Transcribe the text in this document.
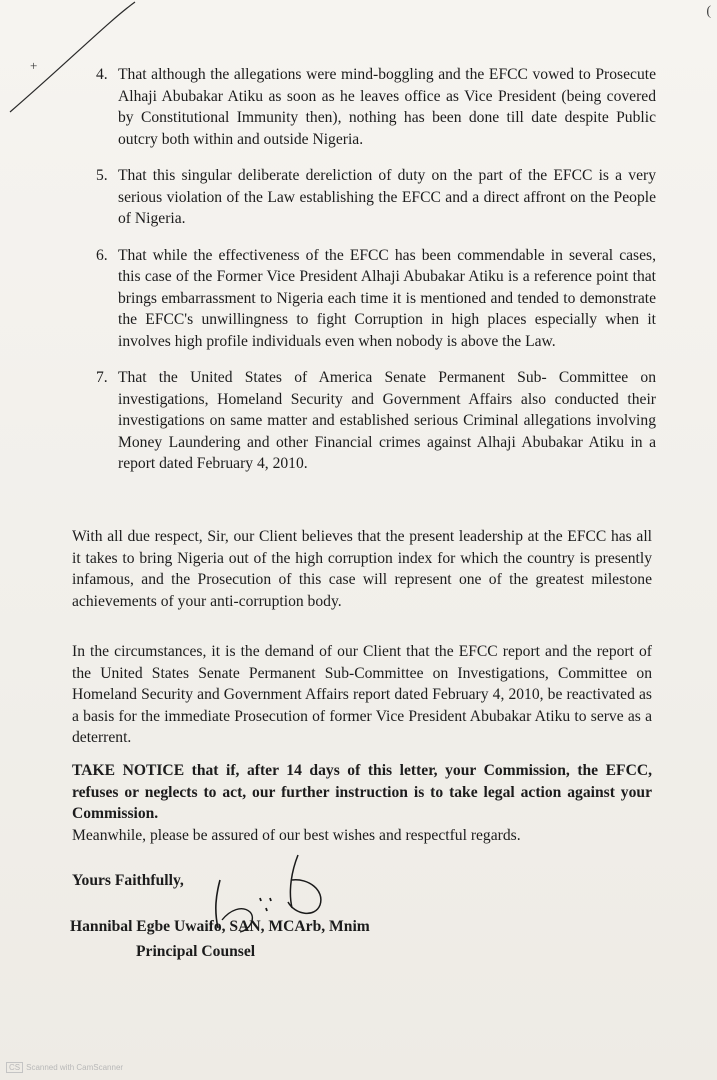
(
+
4. That although the allegations were mind-boggling and the EFCC vowed to Prosecute Alhaji Abubakar Atiku as soon as he leaves office as Vice President (being covered by Constitutional Immunity then), nothing has been done till date despite Public outcry both within and outside Nigeria.
5. That this singular deliberate dereliction of duty on the part of the EFCC is a very serious violation of the Law establishing the EFCC and a direct affront on the People of Nigeria.
6. That while the effectiveness of the EFCC has been commendable in several cases, this case of the Former Vice President Alhaji Abubakar Atiku is a reference point that brings embarrassment to Nigeria each time it is mentioned and tended to demonstrate the EFCC's unwillingness to fight Corruption in high places especially when it involves high profile individuals even when nobody is above the Law.
7. That the United States of America Senate Permanent Sub- Committee on investigations, Homeland Security and Government Affairs also conducted their investigations on same matter and established serious Criminal allegations involving Money Laundering and other Financial crimes against Alhaji Abubakar Atiku in a report dated February 4, 2010.

With all due respect, Sir, our Client believes that the present leadership at the EFCC has all it takes to bring Nigeria out of the high corruption index for which the country is presently infamous, and the Prosecution of this case will represent one of the greatest milestone achievements of your anti-corruption body.

In the circumstances, it is the demand of our Client that the EFCC report and the report of the United States Senate Permanent Sub-Committee on Investigations, Committee on Homeland Security and Government Affairs report dated February 4, 2010, be reactivated as a basis for the immediate Prosecution of former Vice President Abubakar Atiku to serve as a deterrent.

TAKE NOTICE that if, after 14 days of this letter, your Commission, the EFCC, refuses or neglects to act, our further instruction is to take legal action against your Commission.

Meanwhile, please be assured of our best wishes and respectful regards.

Yours Faithfully,
Hannibal Egbe Uwaifo, SAN, MCArb, Mnim
Principal Counsel
CS Scanned with CamScanner
